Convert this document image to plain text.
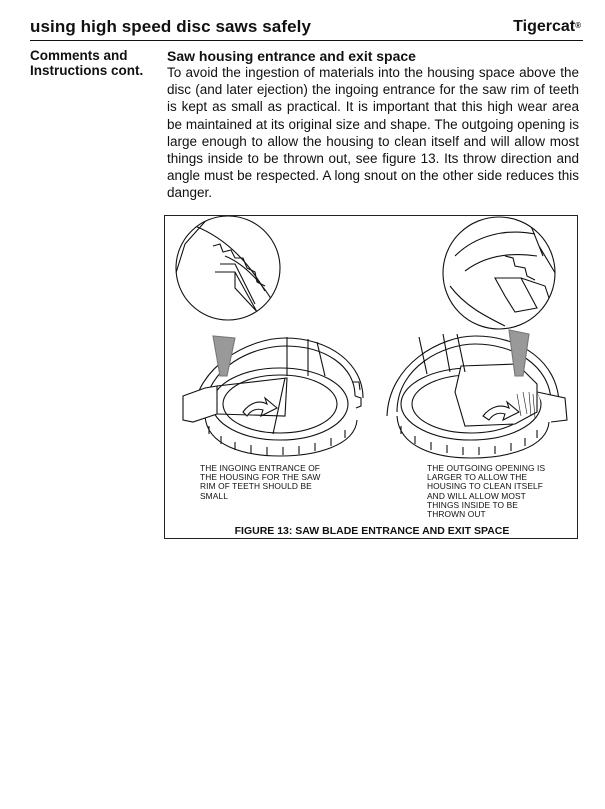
using high speed disc saws safely	Tigercat®
Comments and
Instructions cont.
Saw housing entrance and exit space
To avoid the ingestion of materials into the housing space above the disc (and later ejection) the ingoing entrance for the saw rim of teeth is kept as small as practical. It is important that this high wear area be maintained at its original size and shape. The outgoing opening is large enough to allow the housing to clean itself and will allow most things inside to be thrown out, see figure 13. Its throw direction and angle must be respected. A long snout on the other side reduces this danger.
THE INGOING ENTRANCE OF
THE HOUSING FOR THE SAW
RIM OF TEETH SHOULD BE
SMALL
THE OUTGOING OPENING IS
LARGER TO ALLOW THE
HOUSING TO CLEAN ITSELF
AND WILL ALLOW MOST
THINGS INSIDE TO BE
THROWN OUT
FIGURE 13: SAW BLADE ENTRANCE AND EXIT SPACE
